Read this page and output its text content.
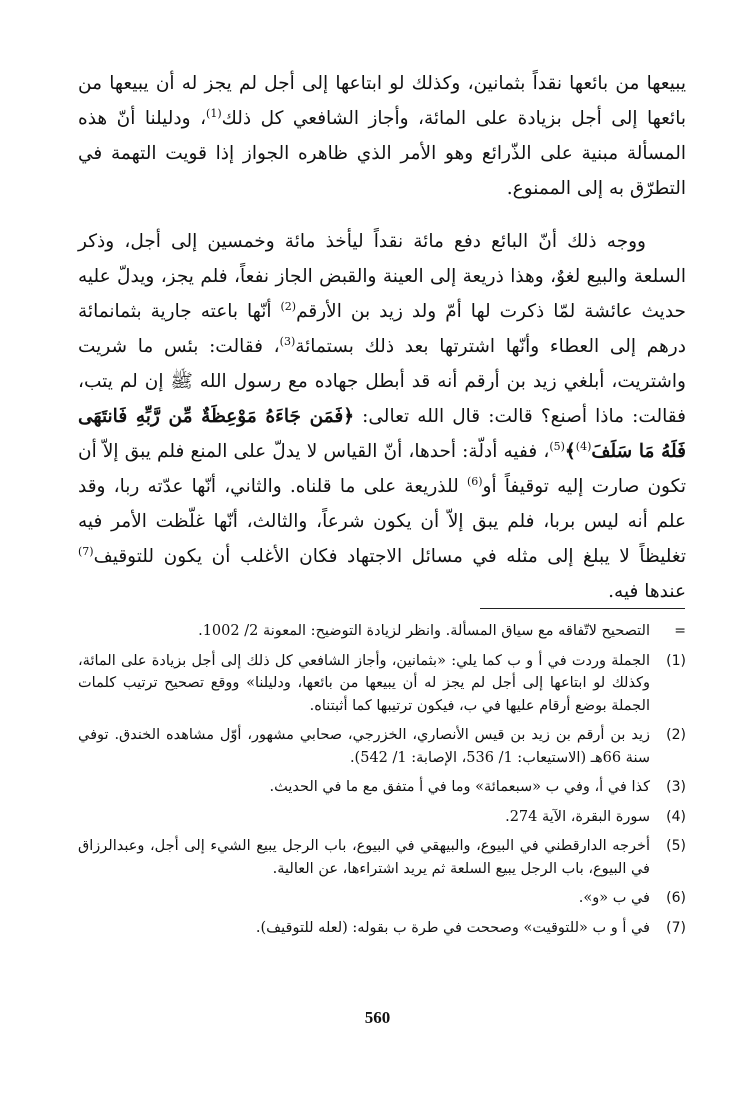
يبيعها من بائعها نقداً بثمانين، وكذلك لو ابتاعها إلى أجل لم يجز له أن يبيعها من بائعها إلى أجل بزيادة على المائة، وأجاز الشافعي كل ذلك$^{(1)}$، ودليلنا أنّ هذه المسألة مبنية على الذّرائع وهو الأمر الذي ظاهره الجواز إذا قويت التهمة في التطرّق به إلى الممنوع.

ووجه ذلك أنّ البائع دفع مائة نقداً ليأخذ مائة وخمسين إلى أجل، وذكر السلعة والبيع لغوٌ، وهذا ذريعة إلى العينة والقبض الجاز نفعاً، فلم يجز، ويدلّ عليه حديث عائشة لمّا ذكرت لها أمّ ولد زيد بن الأرقم$^{(2)}$ أنّها باعته جارية بثمانمائة درهم إلى العطاء وأنّها اشترتها بعد ذلك بستمائة$^{(3)}$، فقالت: بئس ما شريت واشتريت، أبلغي زيد بن أرقم أنه قد أبطل جهاده مع رسول الله ﷺ إن لم يتب، فقالت: ماذا أصنع؟ قالت: قال الله تعالى: ﴿فَمَن جَاءَهُ مَوْعِظَةٌ مِّن رَّبِّهِ فَانتَهَى فَلَهُ مَا سَلَفَ$^{(4)}$﴾$^{(5)}$، ففيه أدلّة: أحدها، أنّ القياس لا يدلّ على المنع فلم يبق إلاّ أن تكون صارت إليه توقيفاً أو$^{(6)}$ للذريعة على ما قلناه. والثاني، أنّها عدّته ربا، وقد علم أنه ليس بربا، فلم يبق إلاّ أن يكون شرعاً، والثالث، أنّها غلّظت الأمر فيه تغليظاً لا يبلغ إلى مثله في مسائل الاجتهاد فكان الأغلب أن يكون للتوقيف$^{(7)}$ عندها فيه.

=
التصحيح لاتّفاقه مع سياق المسألة. وانظر لزيادة التوضيح: المعونة 2/ 1002.
(1)
الجملة وردت في أ و ب كما يلي: «بثمانين، وأجاز الشافعي كل ذلك إلى أجل بزيادة على المائة، وكذلك لو ابتاعها إلى أجل لم يجز له أن يبيعها من بائعها، ودليلنا» ووقع تصحيح ترتيب كلمات الجملة بوضع أرقام عليها في ب، فيكون ترتيبها كما أثبتناه.
(2)
زيد بن أرقم بن زيد بن قيس الأنصاري، الخزرجي، صحابي مشهور، أوّل مشاهده الخندق. توفي سنة 66هـ (الاستيعاب: 1/ 536، الإصابة: 1/ 542).
(3)
كذا في أ، وفي ب «سبعمائة» وما في أ متفق مع ما في الحديث.
(4)
سورة البقرة، الآية 274.
(5)
أخرجه الدارقطني في البيوع، والبيهقي في البيوع، باب الرجل يبيع الشيء إلى أجل، وعبدالرزاق في البيوع، باب الرجل يبيع السلعة ثم يريد اشتراءها، عن العالية.
(6)
في ب «و».
(7)
في أ و ب «للتوقيت» وصححت في طرة ب بقوله: (لعله للتوقيف).
560
